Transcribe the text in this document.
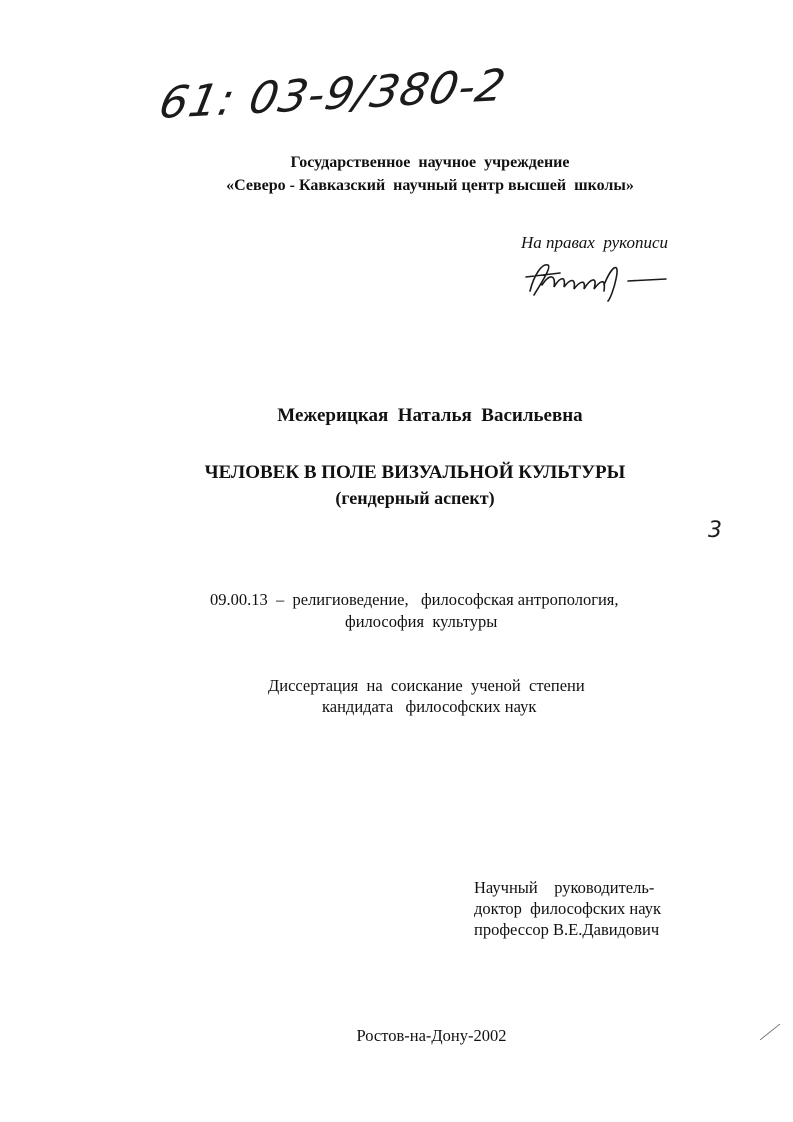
61: 03-9/380-2
Государственное  научное  учреждение
«Северо - Кавказский  научный центр высшей  школы»
На правах  рукописи
Межерицкая  Наталья  Васильевна
ЧЕЛОВЕК В ПОЛЕ ВИЗУАЛЬНОЙ КУЛЬТУРЫ
(гендерный аспект)
3
09.00.13  –  религиоведение,   философская антропология,
философия  культуры
Диссертация  на  соискание  ученой  степени
кандидата   философских наук
Научный    руководитель-
доктор  философских наук
профессор В.Е.Давидович
Ростов-на-Дону-2002
